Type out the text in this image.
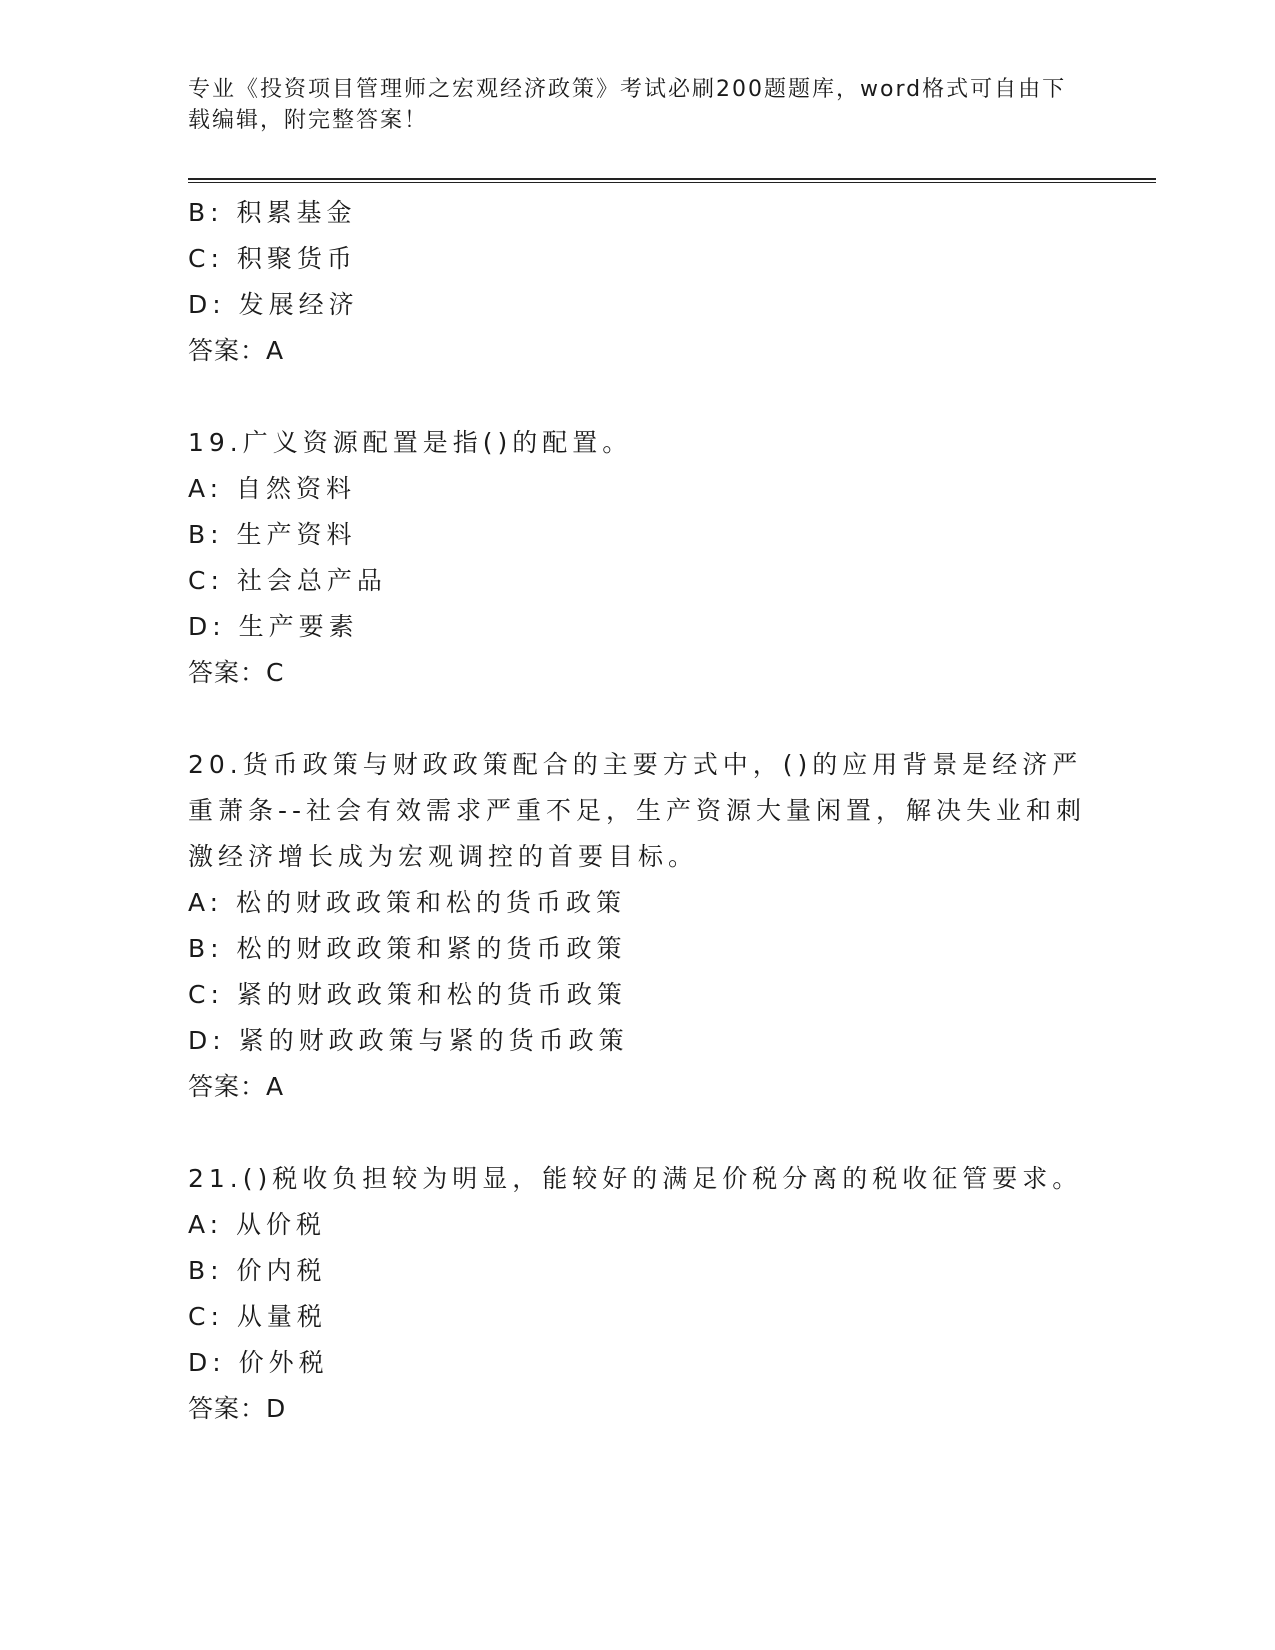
专业《投资项目管理师之宏观经济政策》考试必刷200题题库，word格式可自由下载编辑，附完整答案！
B: 积累基金
C: 积聚货币
D: 发展经济
答案：A
19.广义资源配置是指()的配置。
A: 自然资料
B: 生产资料
C: 社会总产品
D: 生产要素
答案：C
20.货币政策与财政政策配合的主要方式中，()的应用背景是经济严重萧条--社会有效需求严重不足，生产资源大量闲置，解决失业和刺激经济增长成为宏观调控的首要目标。
A: 松的财政政策和松的货币政策
B: 松的财政政策和紧的货币政策
C: 紧的财政政策和松的货币政策
D: 紧的财政政策与紧的货币政策
答案：A
21.()税收负担较为明显，能较好的满足价税分离的税收征管要求。
A: 从价税
B: 价内税
C: 从量税
D: 价外税
答案：D
